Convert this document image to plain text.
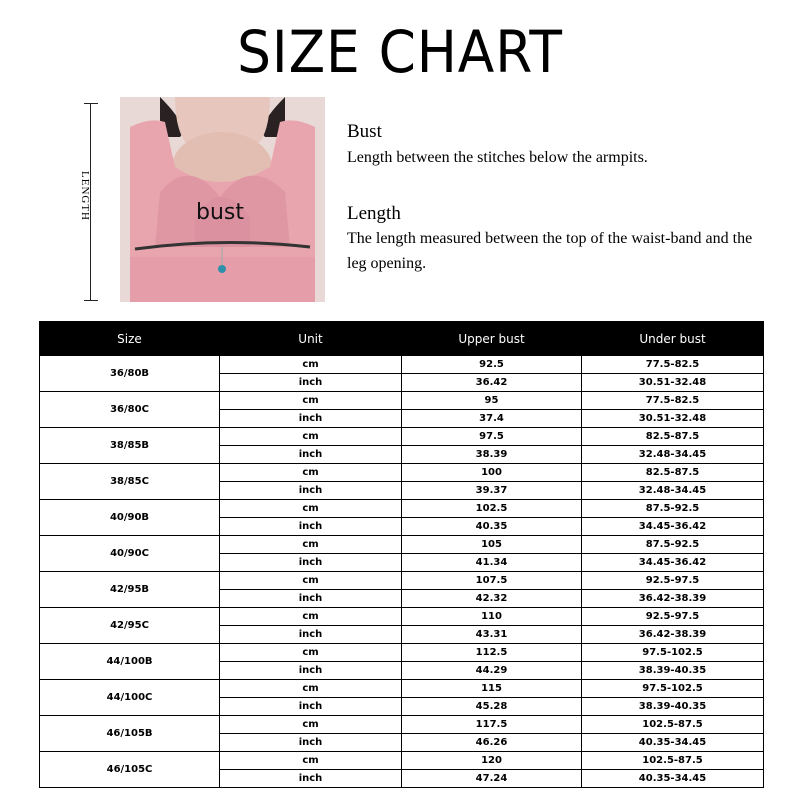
SIZE CHART
LENGTH	bust
Bust

Length between the stitches below the armpits.

Length

The length measured between the top of the waist-band and the leg opening.

Size	Unit	Upper bust	Under bust
36/80B	cm	92.5	77.5-82.5
	inch	36.42	30.51-32.48
36/80C	cm	95	77.5-82.5
	inch	37.4	30.51-32.48
38/85B	cm	97.5	82.5-87.5
	inch	38.39	32.48-34.45
38/85C	cm	100	82.5-87.5
	inch	39.37	32.48-34.45
40/90B	cm	102.5	87.5-92.5
	inch	40.35	34.45-36.42
40/90C	cm	105	87.5-92.5
	inch	41.34	34.45-36.42
42/95B	cm	107.5	92.5-97.5
	inch	42.32	36.42-38.39
42/95C	cm	110	92.5-97.5
	inch	43.31	36.42-38.39
44/100B	cm	112.5	97.5-102.5
	inch	44.29	38.39-40.35
44/100C	cm	115	97.5-102.5
	inch	45.28	38.39-40.35
46/105B	cm	117.5	102.5-87.5
	inch	46.26	40.35-34.45
46/105C	cm	120	102.5-87.5
	inch	47.24	40.35-34.45
